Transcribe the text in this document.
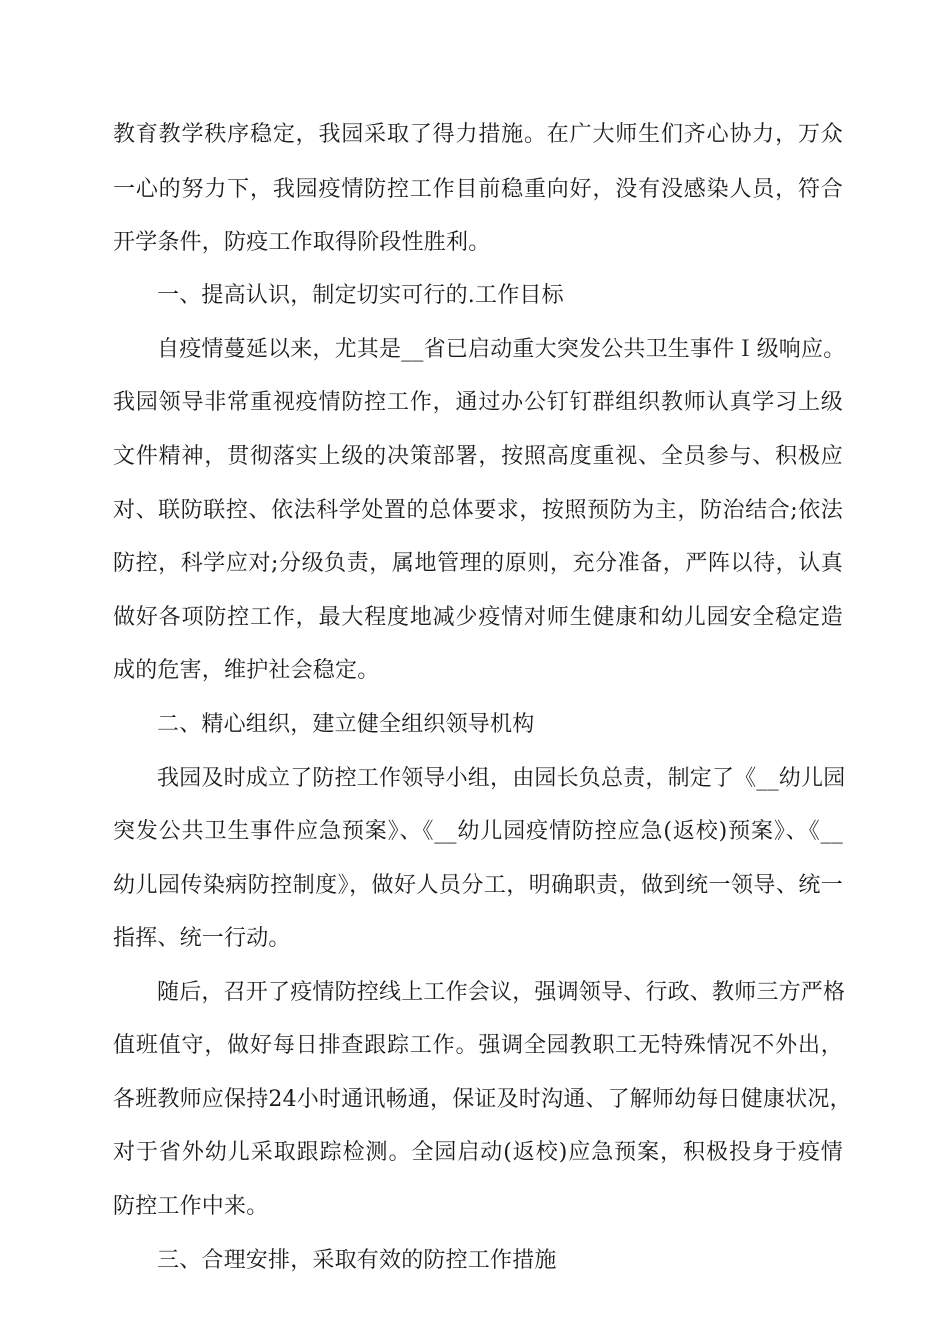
教育教学秩序稳定，我园采取了得力措施。在广大师生们齐心协力，万众
一心的努力下，我园疫情防控工作目前稳重向好，没有没感染人员，符合
开学条件，防疫工作取得阶段性胜利。
一、提高认识，制定切实可行的.工作目标
自疫情蔓延以来，尤其是__省已启动重大突发公共卫生事件Ｉ级响应。
我园领导非常重视疫情防控工作，通过办公钉钉群组织教师认真学习上级
文件精神，贯彻落实上级的决策部署，按照高度重视、全员参与、积极应
对、联防联控、依法科学处置的总体要求，按照预防为主，防治结合;依法
防控，科学应对;分级负责，属地管理的原则，充分准备，严阵以待，认真
做好各项防控工作，最大程度地减少疫情对师生健康和幼儿园安全稳定造
成的危害，维护社会稳定。
二、精心组织，建立健全组织领导机构
我园及时成立了防控工作领导小组，由园长负总责，制定了《__幼儿园
突发公共卫生事件应急预案》、《__幼儿园疫情防控应急(返校)预案》、《__
幼儿园传染病防控制度》，做好人员分工，明确职责，做到统一领导、统一
指挥、统一行动。
随后，召开了疫情防控线上工作会议，强调领导、行政、教师三方严格
值班值守，做好每日排查跟踪工作。强调全园教职工无特殊情况不外出，
各班教师应保持24小时通讯畅通，保证及时沟通、了解师幼每日健康状况，
对于省外幼儿采取跟踪检测。全园启动(返校)应急预案，积极投身于疫情
防控工作中来。
三、合理安排，采取有效的防控工作措施
